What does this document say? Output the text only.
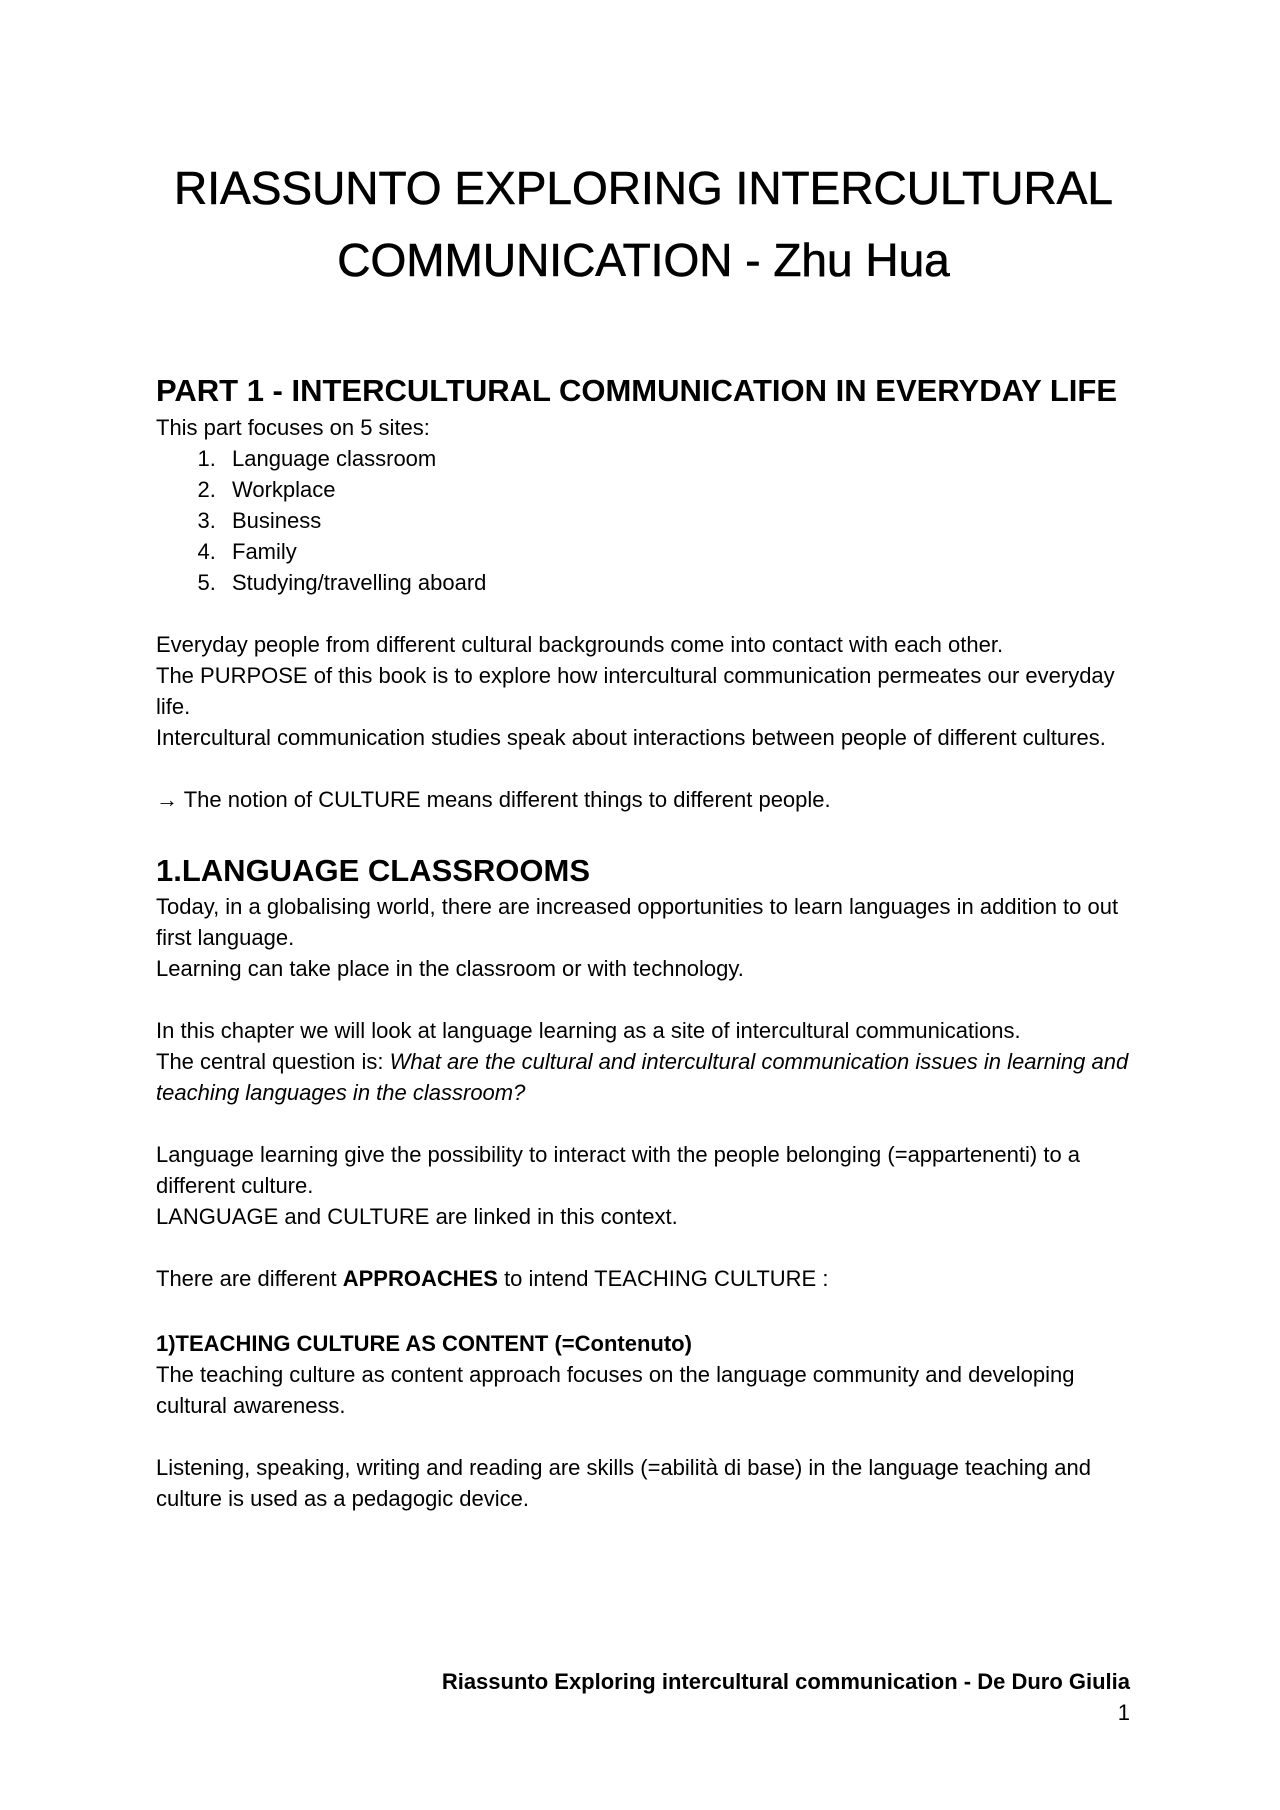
RIASSUNTO EXPLORING INTERCULTURAL COMMUNICATION - Zhu Hua
PART 1 - INTERCULTURAL COMMUNICATION IN EVERYDAY LIFE

This part focuses on 5 sites:

1. Language classroom
2. Workplace
3. Business
4. Family
5. Studying/travelling aboard

Everyday people from different cultural backgrounds come into contact with each other.

The PURPOSE of this book is to explore how intercultural communication permeates our everyday life.

Intercultural communication studies speak about interactions between people of different cultures.

→ The notion of CULTURE means different things to different people.

1.LANGUAGE CLASSROOMS

Today, in a globalising world, there are increased opportunities to learn languages in addition to out first language.

Learning can take place in the classroom or with technology.

In this chapter we will look at language learning as a site of intercultural communications.

The central question is: What are the cultural and intercultural communication issues in learning and teaching languages in the classroom?

Language learning give the possibility to interact with the people belonging (=appartenenti) to a different culture.

LANGUAGE and CULTURE are linked in this context.

There are different APPROACHES to intend TEACHING CULTURE :

1)TEACHING CULTURE AS CONTENT (=Contenuto)

The teaching culture as content approach focuses on the language community and developing cultural awareness.

Listening, speaking, writing and reading are skills (=abilità di base) in the language teaching and culture is used as a pedagogic device.

Riassunto Exploring intercultural communication - De Duro Giulia
1
